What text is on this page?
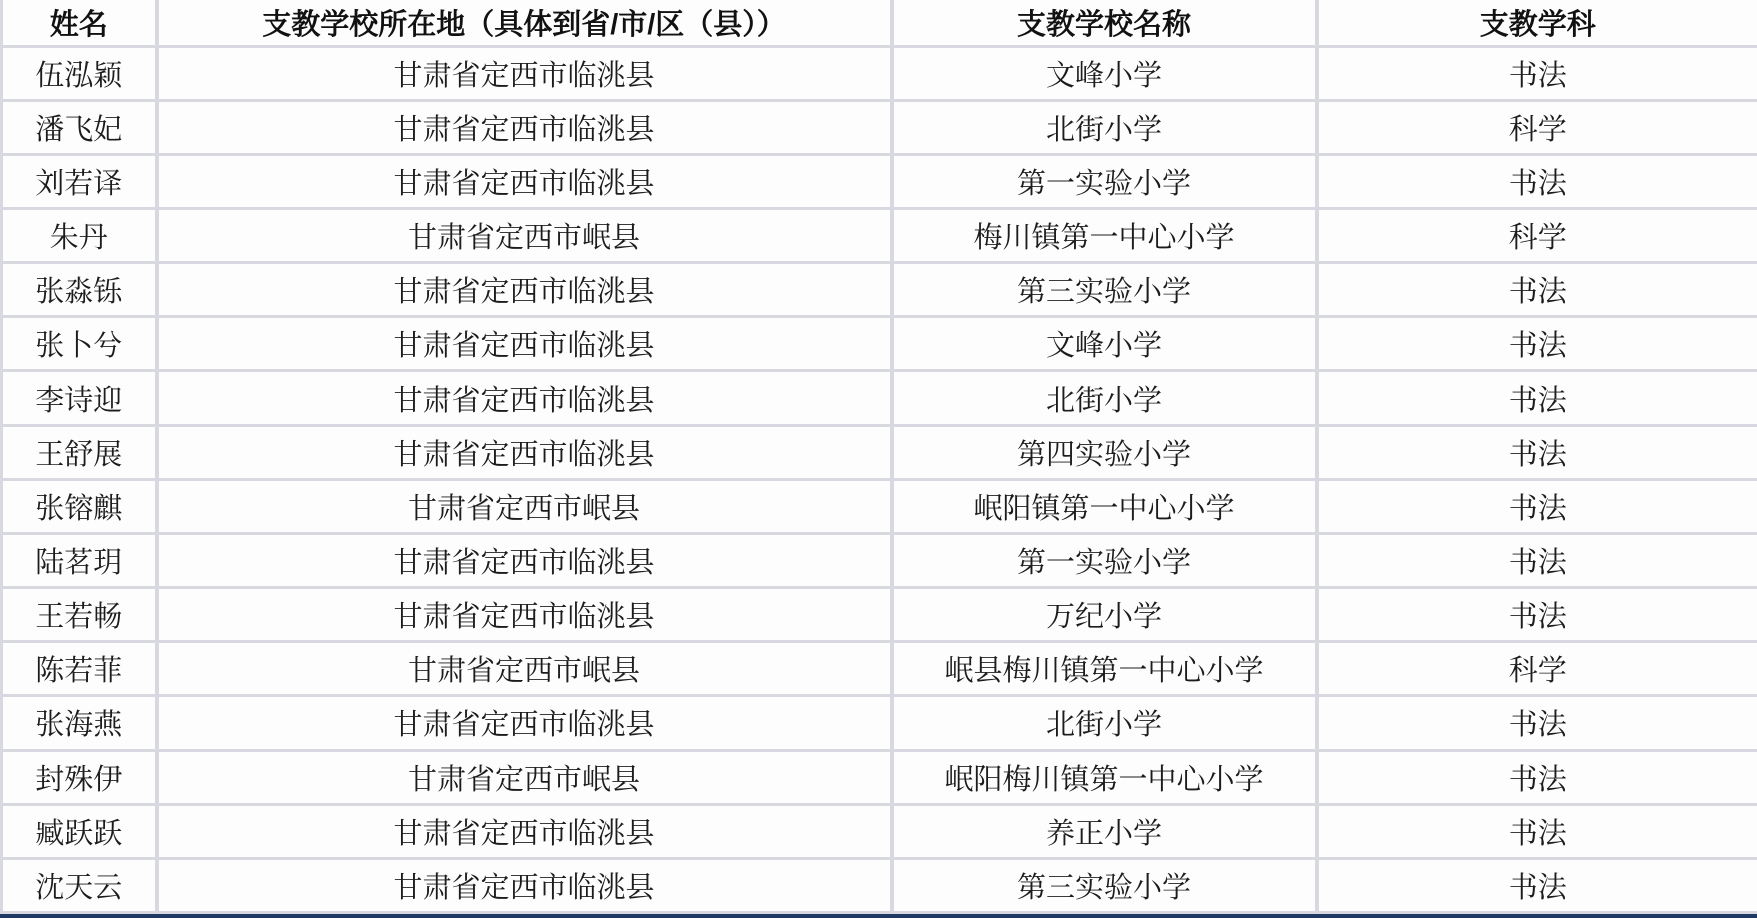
姓名	支教学校所在地（具体到省/市/区（县））	支教学校名称	支教学科
伍泓颖	甘肃省定西市临洮县	文峰小学	书法
潘飞妃	甘肃省定西市临洮县	北街小学	科学
刘若译	甘肃省定西市临洮县	第一实验小学	书法
朱丹	甘肃省定西市岷县	梅川镇第一中心小学	科学
张淼铄	甘肃省定西市临洮县	第三实验小学	书法
张卜兮	甘肃省定西市临洮县	文峰小学	书法
李诗迎	甘肃省定西市临洮县	北街小学	书法
王舒展	甘肃省定西市临洮县	第四实验小学	书法
张镕麒	甘肃省定西市岷县	岷阳镇第一中心小学	书法
陆茗玥	甘肃省定西市临洮县	第一实验小学	书法
王若畅	甘肃省定西市临洮县	万纪小学	书法
陈若菲	甘肃省定西市岷县	岷县梅川镇第一中心小学	科学
张海燕	甘肃省定西市临洮县	北街小学	书法
封殊伊	甘肃省定西市岷县	岷阳梅川镇第一中心小学	书法
臧跃跃	甘肃省定西市临洮县	养正小学	书法
沈天云	甘肃省定西市临洮县	第三实验小学	书法
